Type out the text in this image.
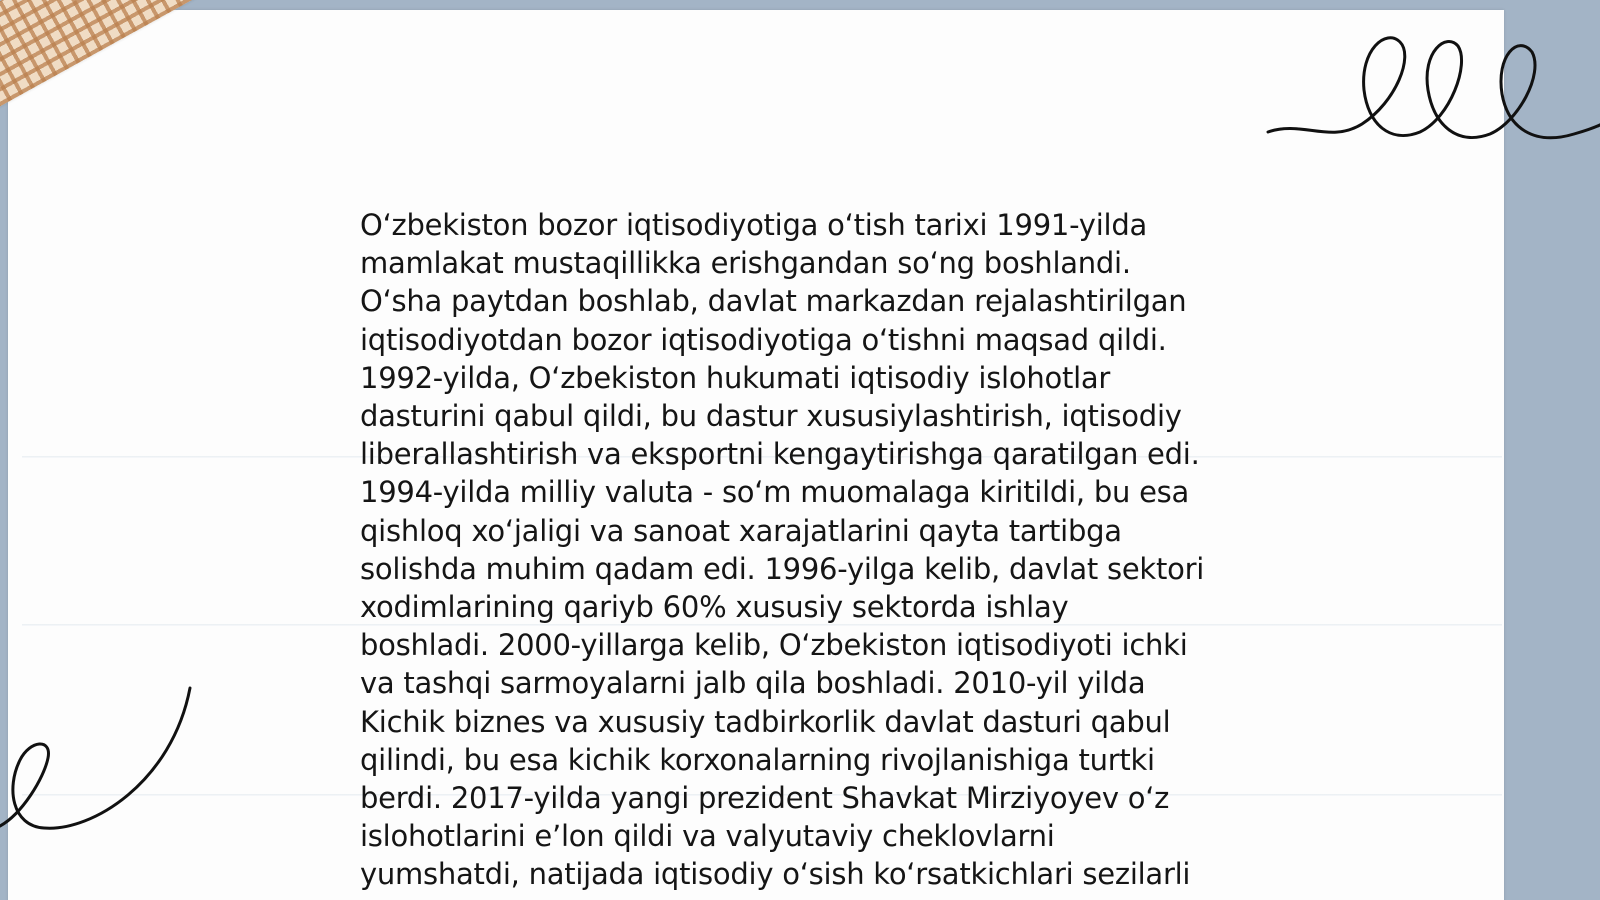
O‘zbekiston bozor iqtisodiyotiga o‘tish tarixi 1991-yilda
mamlakat mustaqillikka erishgandan so‘ng boshlandi.
O‘sha paytdan boshlab, davlat markazdan rejalashtirilgan
iqtisodiyotdan bozor iqtisodiyotiga o‘tishni maqsad qildi.
1992-yilda, O‘zbekiston hukumati iqtisodiy islohotlar
dasturini qabul qildi, bu dastur xususiylashtirish, iqtisodiy
liberallashtirish va eksportni kengaytirishga qaratilgan edi.
1994-yilda milliy valuta - so‘m muomalaga kiritildi, bu esa
qishloq xo‘jaligi va sanoat xarajatlarini qayta tartibga
solishda muhim qadam edi. 1996-yilga kelib, davlat sektori
xodimlarining qariyb 60% xususiy sektorda ishlay
boshladi. 2000-yillarga kelib, O‘zbekiston iqtisodiyoti ichki
va tashqi sarmoyalarni jalb qila boshladi. 2010-yil yilda
Kichik biznes va xususiy tadbirkorlik davlat dasturi qabul
qilindi, bu esa kichik korxonalarning rivojlanishiga turtki
berdi. 2017-yilda yangi prezident Shavkat Mirziyoyev o‘z
islohotlarini e’lon qildi va valyutaviy cheklovlarni
yumshatdi, natijada iqtisodiy o‘sish ko‘rsatkichlari sezilarli
